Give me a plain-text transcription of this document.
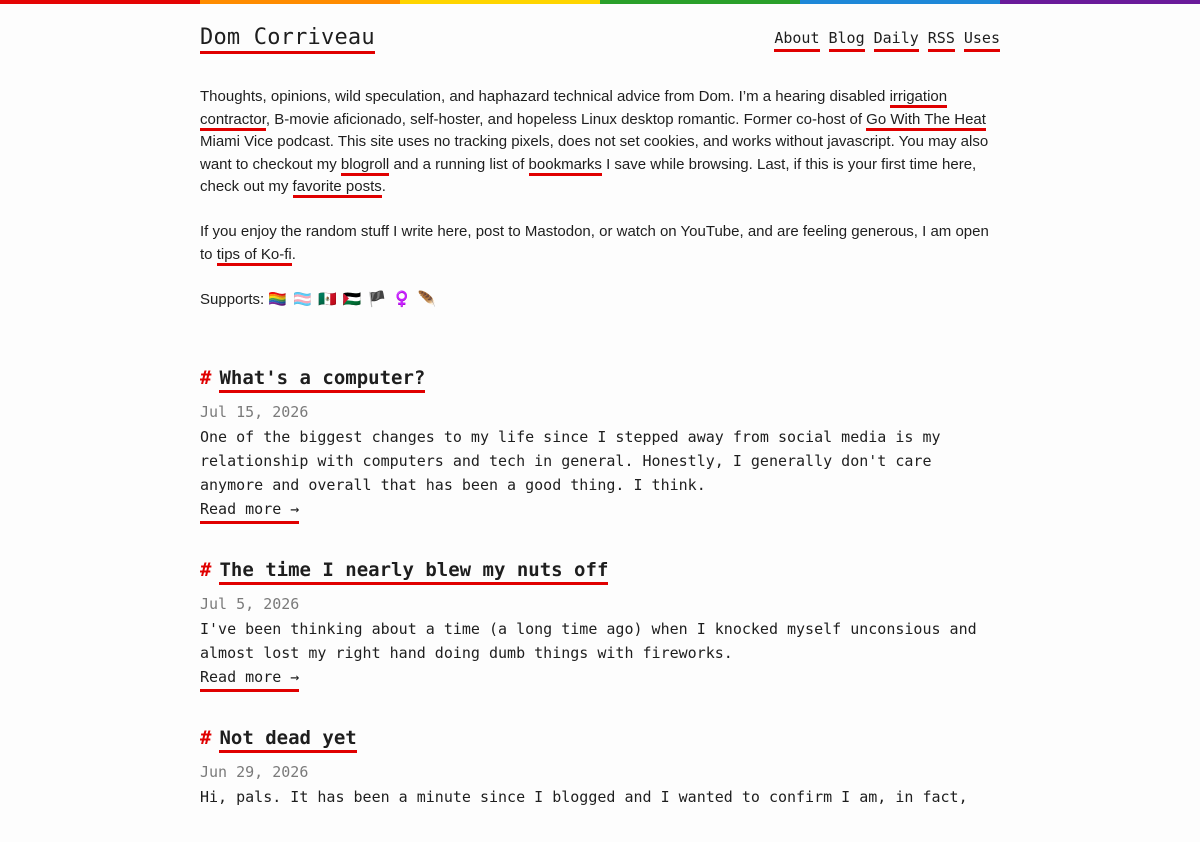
Dom Corriveau	About Blog Daily RSS Uses

Thoughts, opinions, wild speculation, and haphazard technical advice from Dom. I’m a hearing disabled irrigation contractor, B-movie aficionado, self-hoster, and hopeless Linux desktop romantic. Former co-host of Go With The Heat Miami Vice podcast. This site uses no tracking pixels, does not set cookies, and works without javascript. You may also want to checkout my blogroll and a running list of bookmarks I save while browsing. Last, if this is your first time here, check out my favorite posts.

If you enjoy the random stuff I write here, post to Mastodon, or watch on YouTube, and are feeling generous, I am open to tips of Ko-fi.

Supports: 🏳️‍🌈 🏳️‍⚧️ 🇲🇽 🇵🇸 🏴 ♀️ 🪶

# What's a computer?
Jul 15, 2026

One of the biggest changes to my life since I stepped away from social media is my relationship with computers and tech in general. Honestly, I generally don't care anymore and overall that has been a good thing. I think.

Read more →
# The time I nearly blew my nuts off
Jul 5, 2026

I've been thinking about a time (a long time ago) when I knocked myself unconsious and almost lost my right hand doing dumb things with fireworks.

Read more →
# Not dead yet
Jun 29, 2026

Hi, pals. It has been a minute since I blogged and I wanted to confirm I am, in fact,
